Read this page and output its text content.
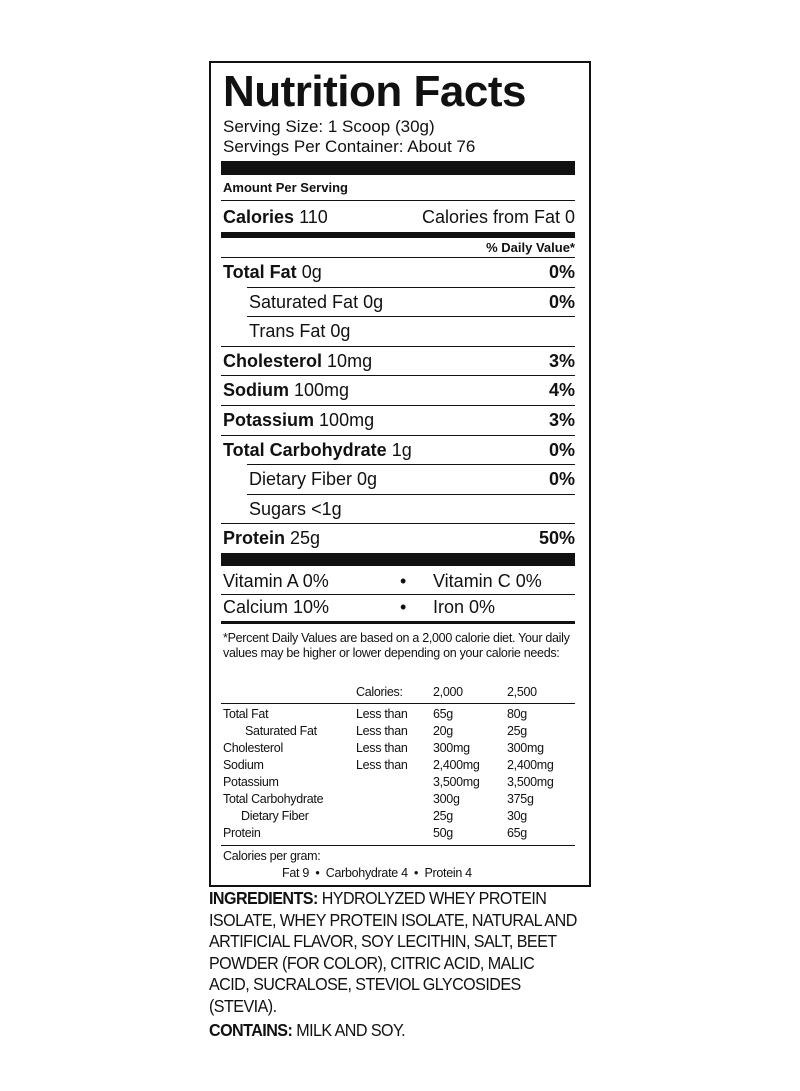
Nutrition Facts
Serving Size: 1 Scoop (30g)
Servings Per Container: About 76
Amount Per Serving
Calories 110	Calories from Fat 0
% Daily Value*
Total Fat 0g	0%
Saturated Fat 0g	0%
Trans Fat 0g
Cholesterol 10mg	3%
Sodium 100mg	4%
Potassium 100mg	3%
Total Carbohydrate 1g	0%
Dietary Fiber 0g	0%
Sugars <1g
Protein 25g	50%
Vitamin A 0%	• Vitamin C 0%
Calcium 10%	• Iron 0%
*Percent Daily Values are based on a 2,000 calorie diet. Your daily values may be higher or lower depending on your calorie needs:
Calories: 2,000	2,500
Total Fat	Less than 65g	80g
Saturated Fat	Less than 20g	25g
Cholesterol	Less than 300mg	300mg
Sodium	Less than 2,400mg 2,400mg
Potassium	3,500mg 3,500mg
Total Carbohydrate	300g	375g
Dietary Fiber	25g	30g
Protein	50g	65g
Calories per gram:
Fat 9  •  Carbohydrate 4  •  Protein 4
INGREDIENTS: HYDROLYZED WHEY PROTEIN ISOLATE, WHEY PROTEIN ISOLATE, NATURAL AND ARTIFICIAL FLAVOR, SOY LECITHIN, SALT, BEET POWDER (FOR COLOR), CITRIC ACID, MALIC ACID, SUCRALOSE, STEVIOL GLYCOSIDES (STEVIA).
CONTAINS: MILK AND SOY.
